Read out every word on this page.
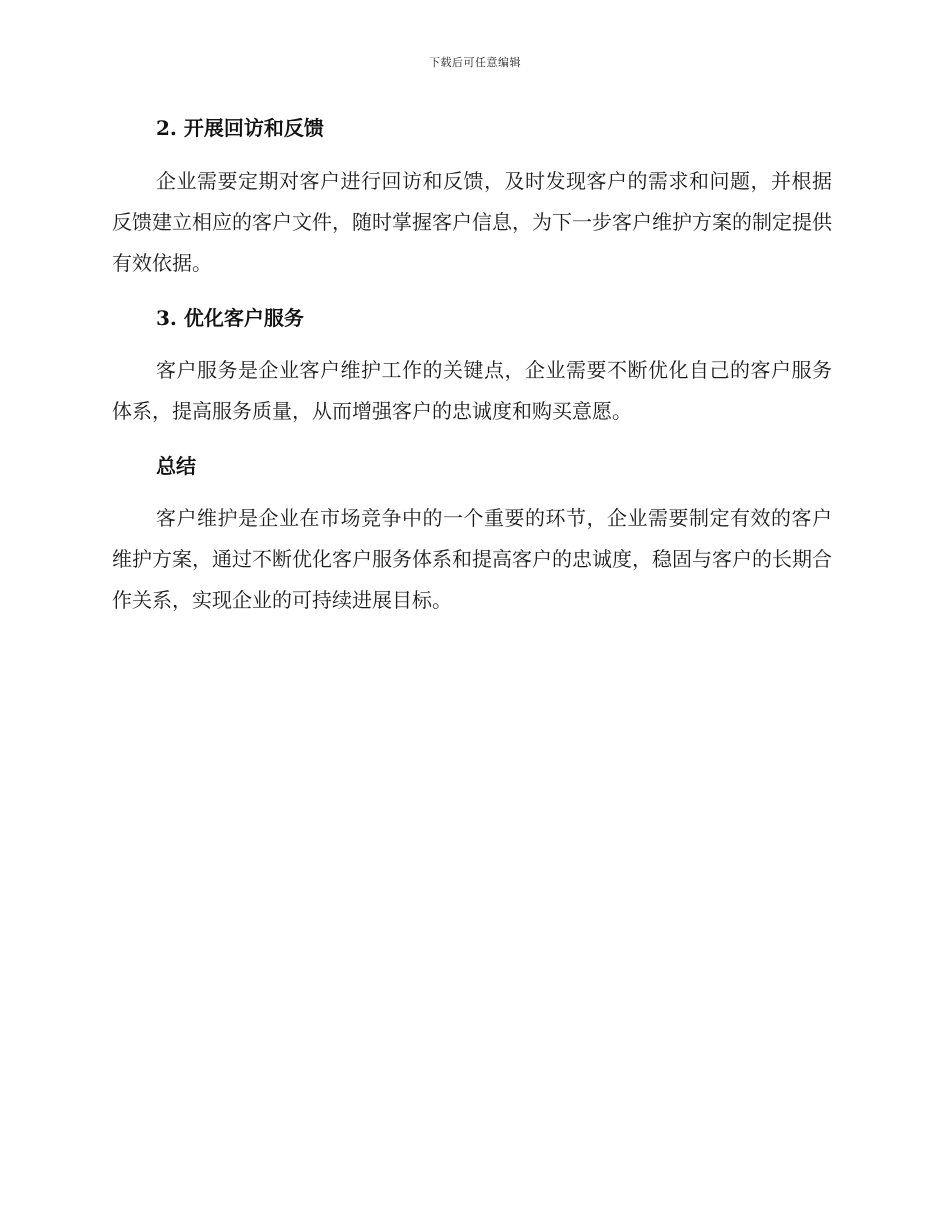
下载后可任意编辑
2. 开展回访和反馈

企业需要定期对客户进行回访和反馈，及时发现客户的需求和问题，并根据反馈建立相应的客户文件，随时掌握客户信息，为下一步客户维护方案的制定提供有效依据。

3. 优化客户服务

客户服务是企业客户维护工作的关键点，企业需要不断优化自己的客户服务体系，提高服务质量，从而增强客户的忠诚度和购买意愿。

总结

客户维护是企业在市场竞争中的一个重要的环节，企业需要制定有效的客户维护方案，通过不断优化客户服务体系和提高客户的忠诚度，稳固与客户的长期合作关系，实现企业的可持续进展目标。
